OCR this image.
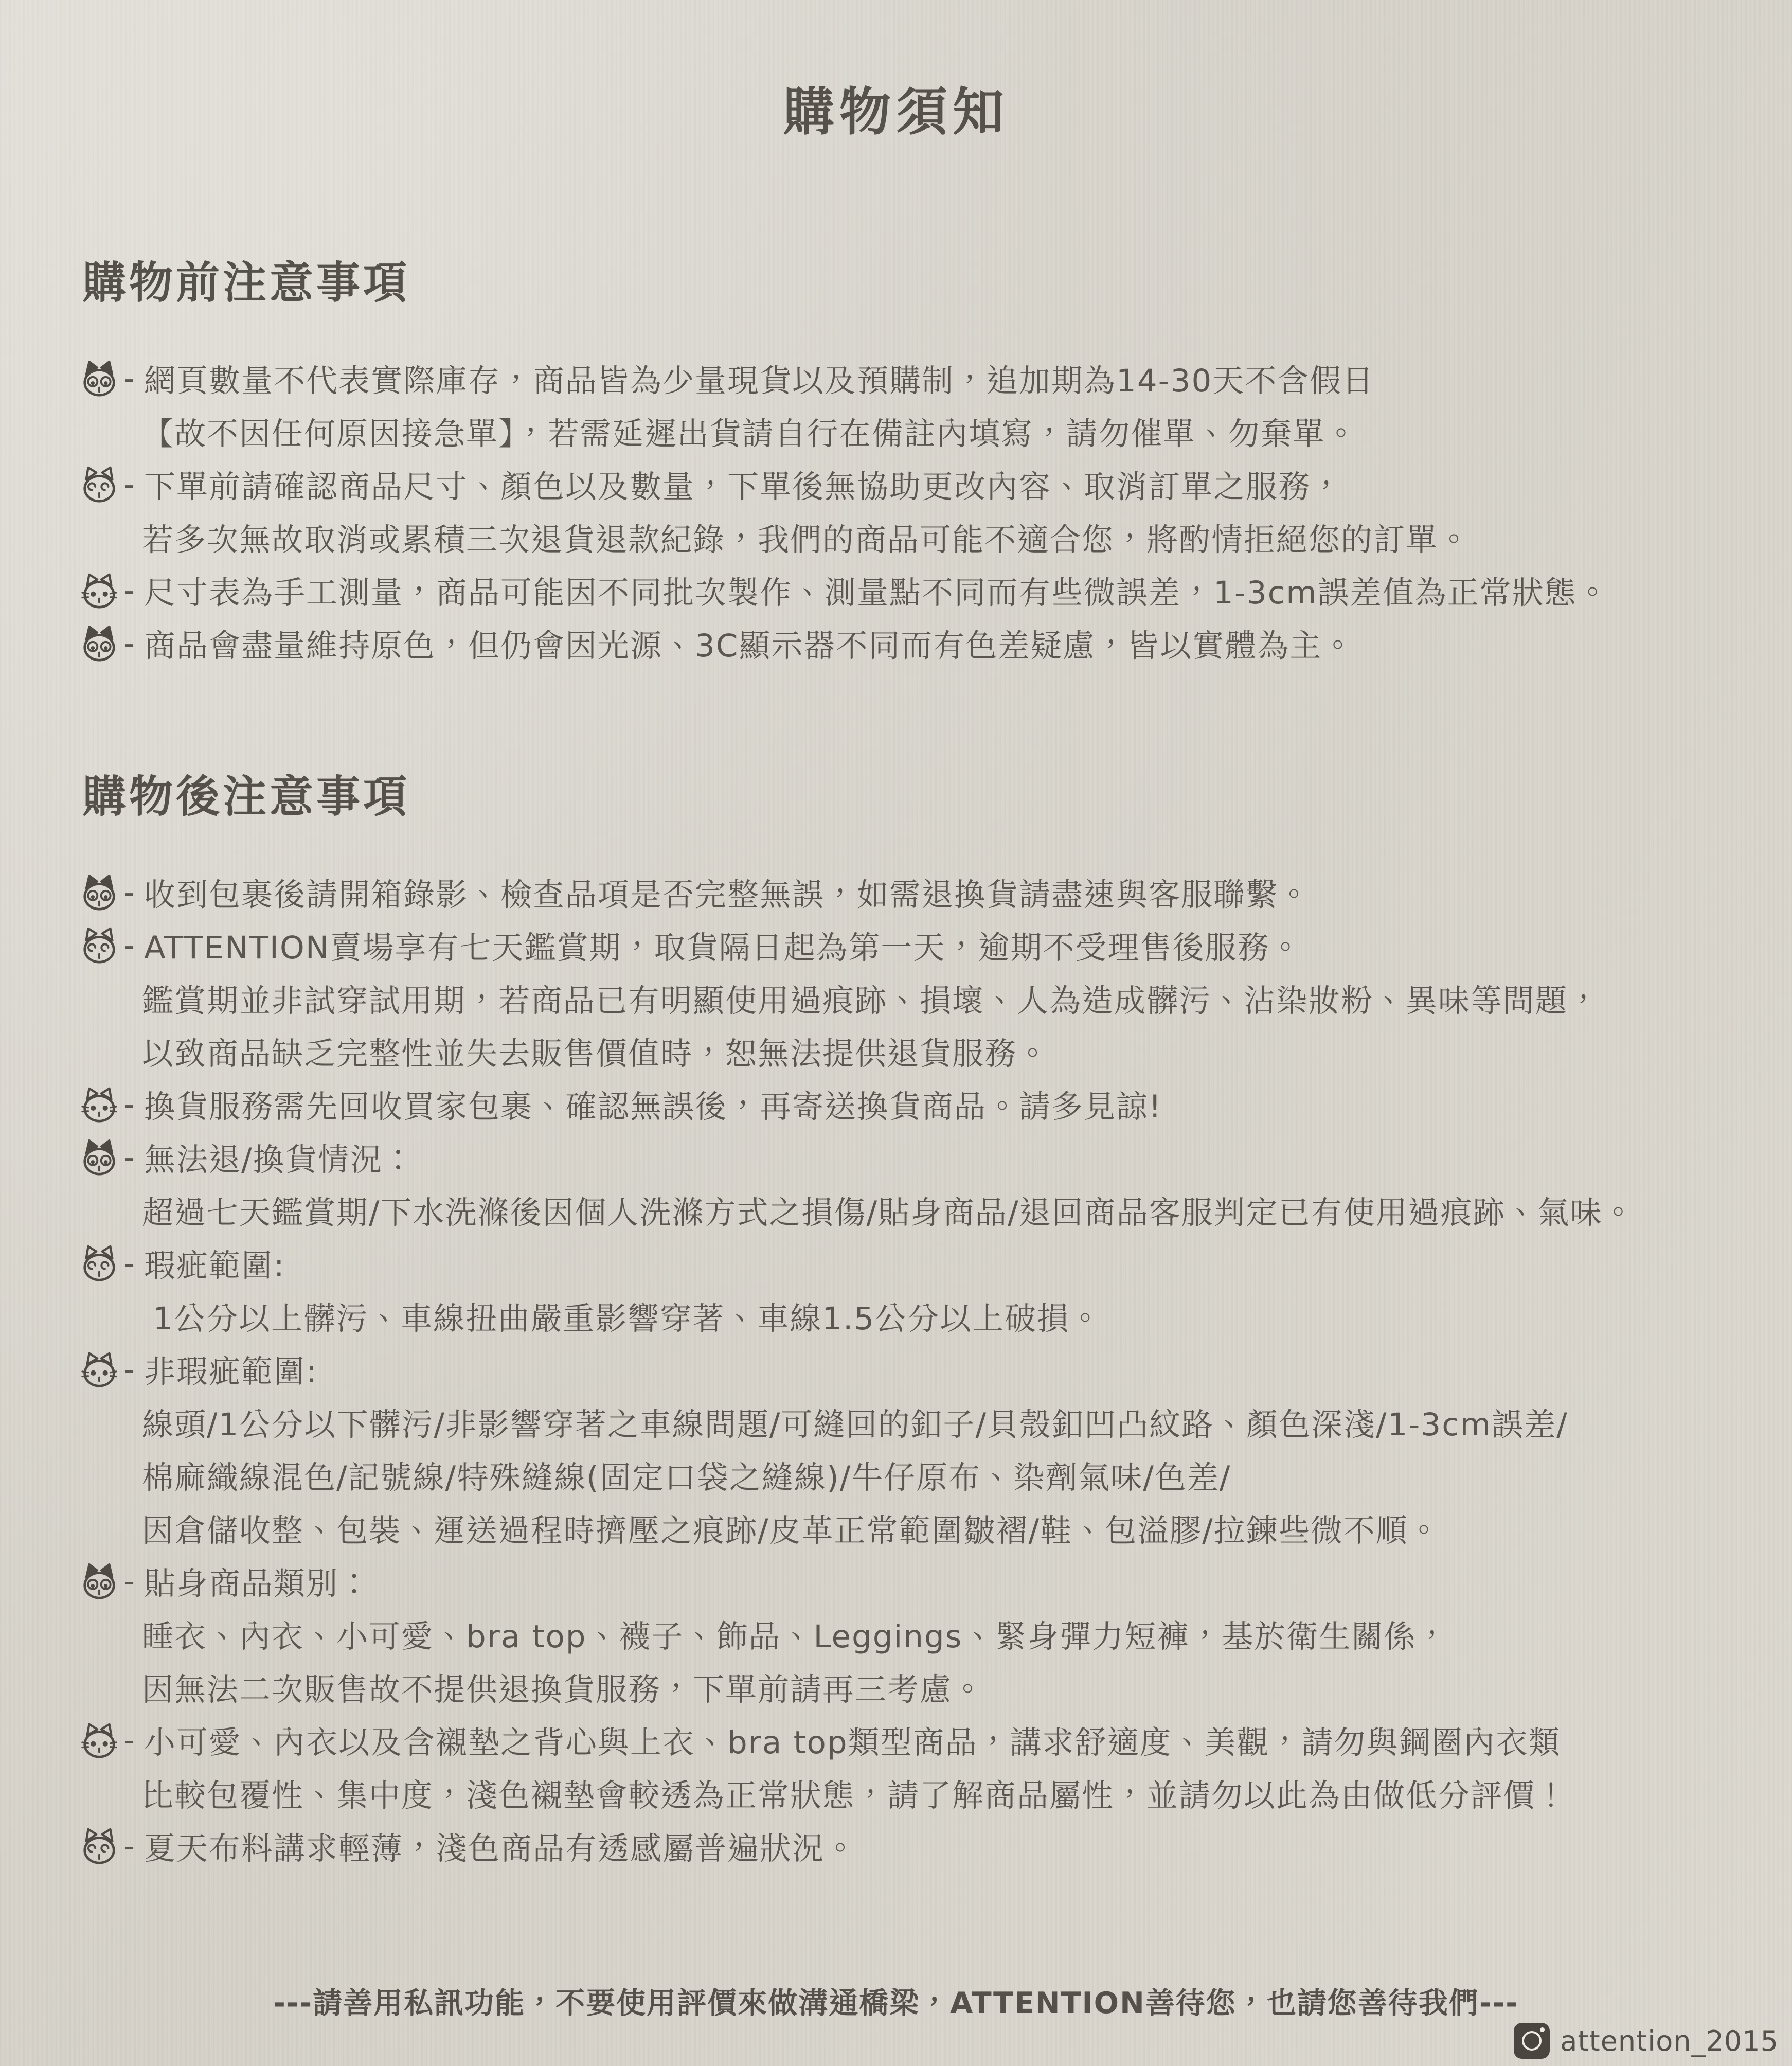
購物須知
購物前注意事項
- 網頁數量不代表實際庫存，商品皆為少量現貨以及預購制，追加期為14-30天不含假日
【故不因任何原因接急單】，若需延遲出貨請自行在備註內填寫，請勿催單、勿棄單。
- 下單前請確認商品尺寸、顏色以及數量，下單後無協助更改內容、取消訂單之服務，
若多次無故取消或累積三次退貨退款紀錄，我們的商品可能不適合您，將酌情拒絕您的訂單。
- 尺寸表為手工測量，商品可能因不同批次製作、測量點不同而有些微誤差，1-3cm誤差值為正常狀態。
- 商品會盡量維持原色，但仍會因光源、3C顯示器不同而有色差疑慮，皆以實體為主。
購物後注意事項
- 收到包裹後請開箱錄影、檢查品項是否完整無誤，如需退換貨請盡速與客服聯繫。
- ATTENTION賣場享有七天鑑賞期，取貨隔日起為第一天，逾期不受理售後服務。
鑑賞期並非試穿試用期，若商品已有明顯使用過痕跡、損壞、人為造成髒污、沾染妝粉、異味等問題，
以致商品缺乏完整性並失去販售價值時，恕無法提供退貨服務。
- 換貨服務需先回收買家包裹、確認無誤後，再寄送換貨商品。請多見諒!
- 無法退/換貨情況：
超過七天鑑賞期/下水洗滌後因個人洗滌方式之損傷/貼身商品/退回商品客服判定已有使用過痕跡、氣味。
- 瑕疵範圍:
1公分以上髒污、車線扭曲嚴重影響穿著、車線1.5公分以上破損。
- 非瑕疵範圍:
線頭/1公分以下髒污/非影響穿著之車線問題/可縫回的釦子/貝殼釦凹凸紋路、顏色深淺/1-3cm誤差/
棉麻織線混色/記號線/特殊縫線(固定口袋之縫線)/牛仔原布、染劑氣味/色差/
因倉儲收整、包裝、運送過程時擠壓之痕跡/皮革正常範圍皺褶/鞋、包溢膠/拉鍊些微不順。
- 貼身商品類別：
睡衣、內衣、小可愛、bra top、襪子、飾品、Leggings、緊身彈力短褲，基於衛生關係，
因無法二次販售故不提供退換貨服務，下單前請再三考慮。
- 小可愛、內衣以及含襯墊之背心與上衣、bra top類型商品，講求舒適度、美觀，請勿與鋼圈內衣類
比較包覆性、集中度，淺色襯墊會較透為正常狀態，請了解商品屬性，並請勿以此為由做低分評價！
- 夏天布料講求輕薄，淺色商品有透感屬普遍狀況。
---請善用私訊功能，不要使用評價來做溝通橋梁，ATTENTION善待您，也請您善待我們---
attention_2015
